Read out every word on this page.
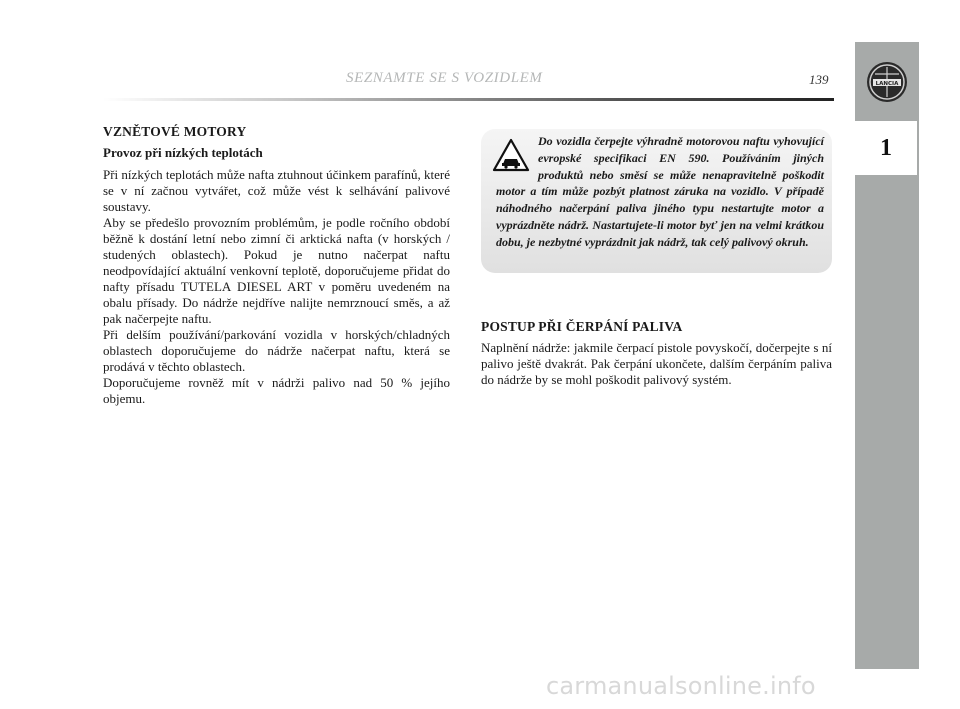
LANCIA
1
SEZNAMTE SE S VOZIDLEM	139
VZNĚTOVÉ MOTORY
Provoz při nízkých teplotách

Při nízkých teplotách může nafta ztuhnout účinkem parafínů, které se v ní začnou vytvářet, což může vést k selhávání palivové soustavy.

Aby se předešlo provozním problémům, je podle ročního období běžně k dostání letní nebo zimní či arktická nafta (v horských / studených oblastech). Pokud je nutno načerpat naftu neodpovídající aktuální venkovní teplotě, doporučujeme přidat do nafty přísadu TUTELA DIESEL ART v poměru uvedeném na obalu přísady. Do nádrže nejdříve nalijte nemrznoucí směs, a až pak načerpejte naftu.

Při delším používání/parkování vozidla v horských/chladných oblastech doporučujeme do nádrže načerpat naftu, která se prodává v těchto oblastech.

Doporučujeme rovněž mít v nádrži palivo nad 50 % jejího objemu.

Do vozidla čerpejte výhradně motorovou naftu vyhovující evropské specifikaci EN 590. Používáním jiných produktů nebo směsí se může nenapravitelně poškodit motor a tím může pozbýt platnost záruka na vozidlo. V případě náhodného načerpání paliva jiného typu nestartujte motor a vyprázdněte nádrž. Nastartujete-li motor byť jen na velmi krátkou dobu, je nezbytné vyprázdnit jak nádrž, tak celý palivový okruh.

POSTUP PŘI ČERPÁNÍ PALIVA

Naplnění nádrže: jakmile čerpací pistole povyskočí, dočerpejte s ní palivo ještě dvakrát. Pak čerpání ukončete, dalším čerpáním paliva do nádrže by se mohl poškodit palivový systém.

carmanualsonline.info
